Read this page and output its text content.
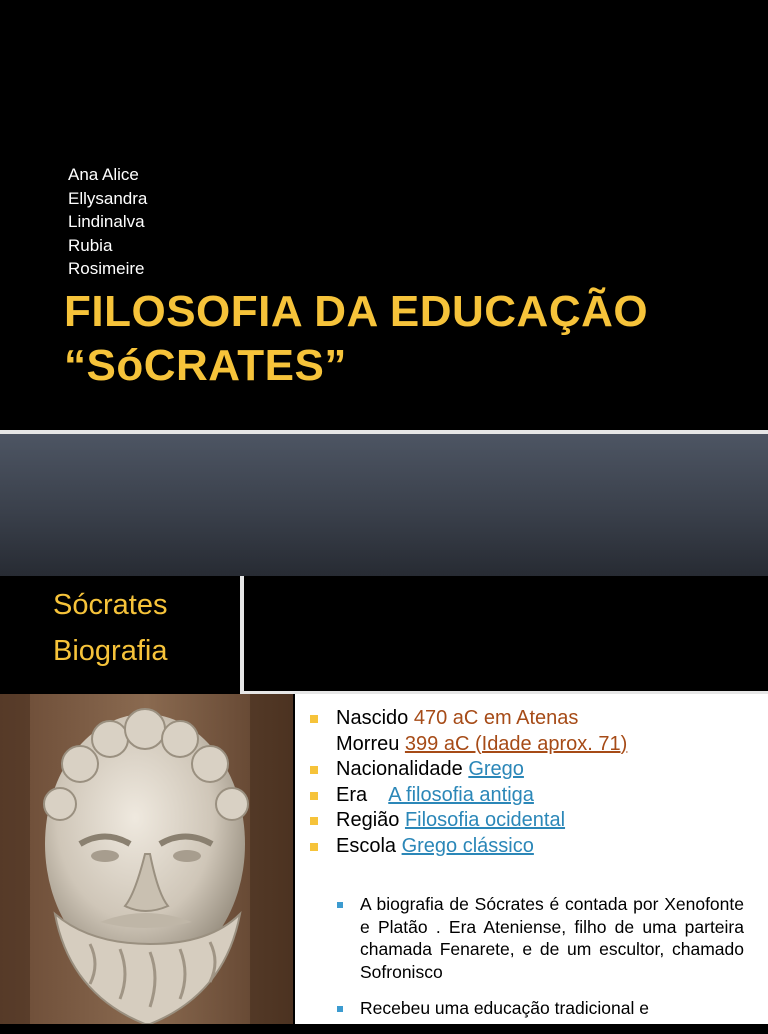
Ana Alice
Ellysandra
Lindinalva
Rubia
Rosimeire
FILOSOFIA DA EDUCAÇÃO
“SóCRATES”
Sócrates
Biografia
Nascido 470 aC em Atenas
Morreu 399 aC (Idade aprox. 71)
Nacionalidade Grego
Era A filosofia antiga
Região Filosofia ocidental
Escola Grego clássico
A biografia de Sócrates é contada por Xenofonte e Platão . Era Ateniense, filho de uma parteira chamada Fenarete, e de um escultor, chamado Sofronisco
Recebeu uma educação tradicional e
